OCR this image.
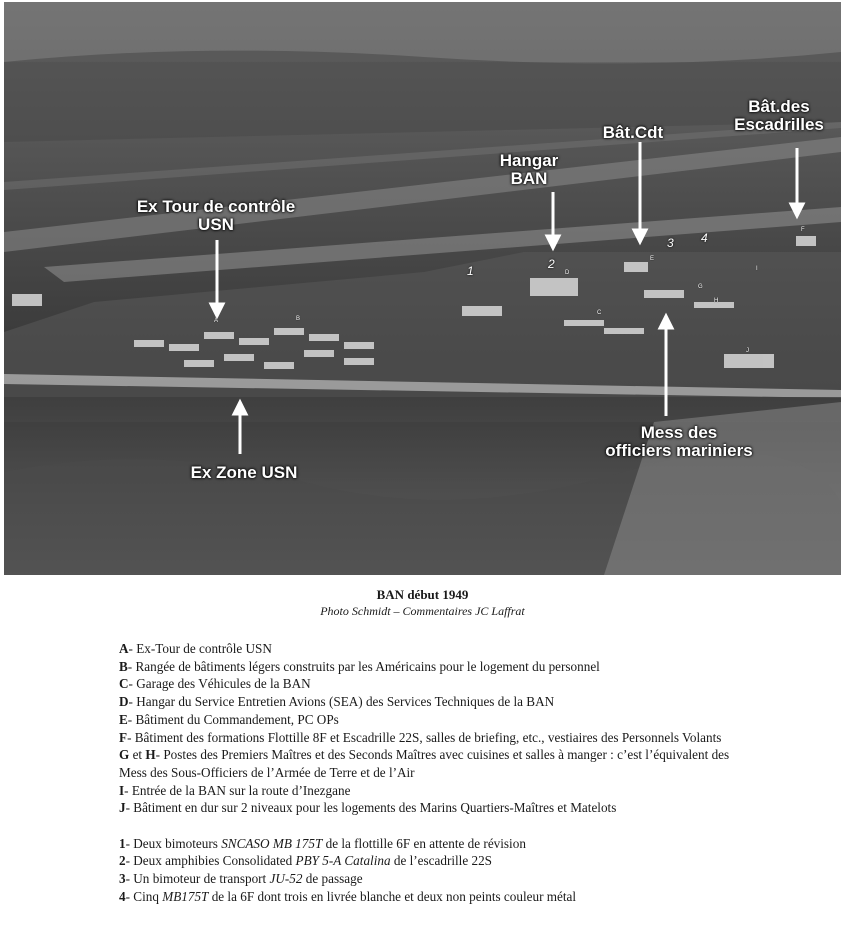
Ex Tour de contrôle
USN
Hangar
BAN
Bât.Cdt
Bât.des
Escadrilles
Mess des
officiers mariniers
Ex Zone USN
1	2
3 4
A	B
C
D
E
F
G
H
I
J
BAN début 1949
Photo Schmidt – Commentaires JC Laffrat

A- Ex-Tour de contrôle USN

B- Rangée de bâtiments légers construits par les Américains pour le logement du personnel

C- Garage des Véhicules de la BAN

D- Hangar du Service Entretien Avions (SEA) des Services Techniques de la BAN

E- Bâtiment du Commandement, PC OPs

F- Bâtiment des formations Flottille 8F et Escadrille 22S, salles de briefing, etc., vestiaires des Personnels Volants

G et H- Postes des Premiers Maîtres et des Seconds Maîtres avec cuisines et salles à manger : c’est l’équivalent des Mess des Sous-Officiers de l’Armée de Terre et de l’Air

I- Entrée de la BAN sur la route d’Inezgane

J- Bâtiment en dur sur 2 niveaux pour les logements des Marins Quartiers-Maîtres et Matelots

1- Deux bimoteurs SNCASO MB 175T de la flottille 6F en attente de révision

2- Deux amphibies Consolidated PBY 5-A Catalina de l’escadrille 22S

3- Un bimoteur de transport JU-52 de passage

4- Cinq MB175T de la 6F dont trois en livrée blanche et deux non peints couleur métal
